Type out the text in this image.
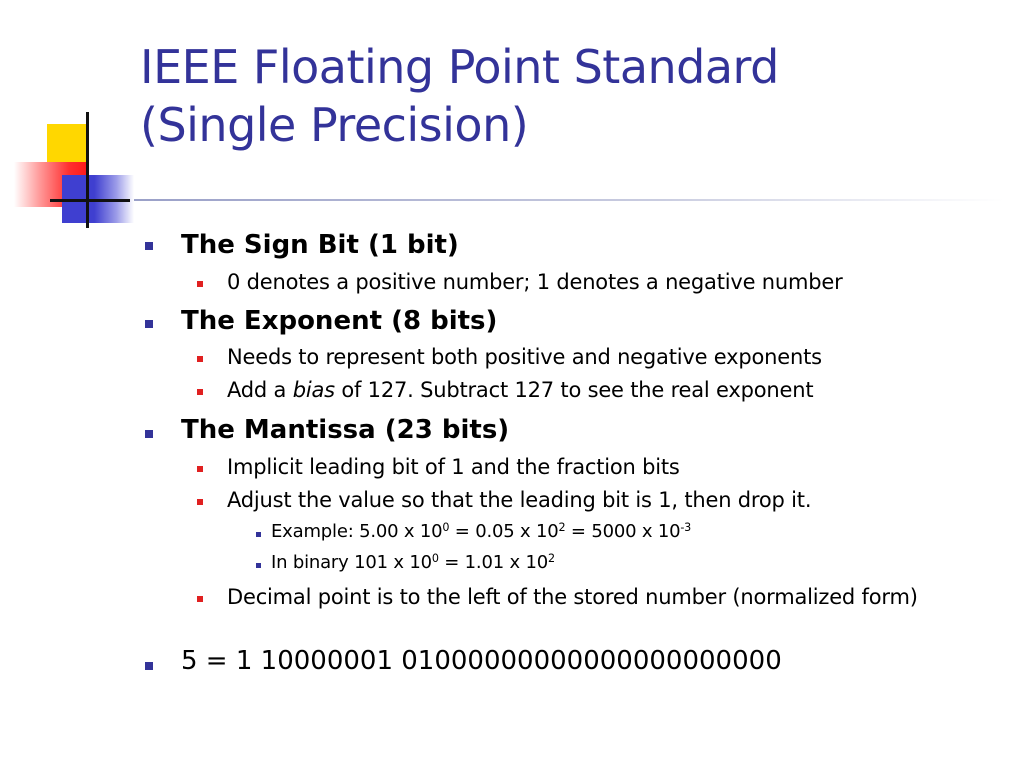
IEEE Floating Point Standard
(Single Precision)
The Sign Bit (1 bit)
0 denotes a positive number; 1 denotes a negative number
The Exponent (8 bits)
Needs to represent both positive and negative exponents
Add a bias of 127. Subtract 127 to see the real exponent
The Mantissa (23 bits)
Implicit leading bit of 1 and the fraction bits
Adjust the value so that the leading bit is 1, then drop it.
Example: 5.00 x $10^0 = 0.05$ x $10^2 = 5000$ x $10^{-3}$
In binary 101 x $10^0 = 1.01$ x $10^2$
Decimal point is to the left of the stored number (normalized form)
5 = 1 10000001 01000000000000000000000
